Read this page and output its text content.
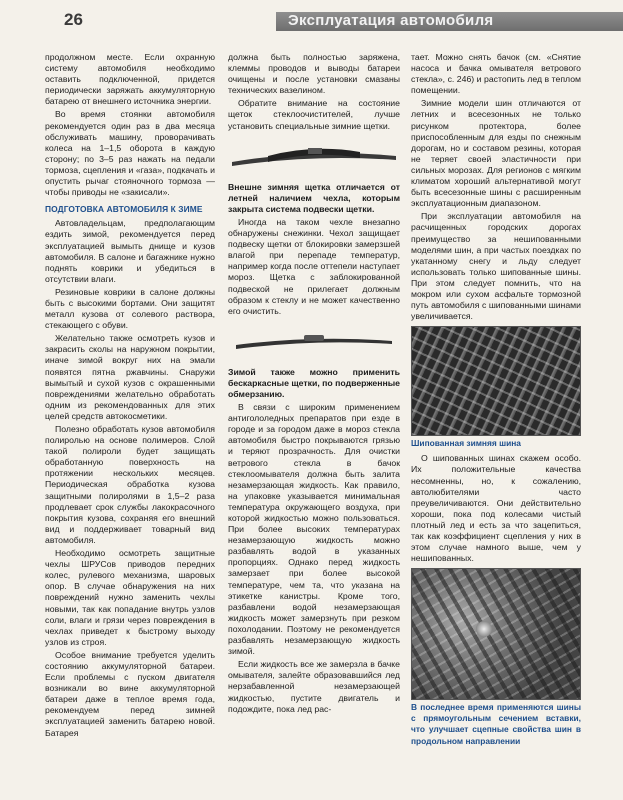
26	Эксплуатация автомобиля

продолжном месте. Если охранную систему автомобиля необходимо оставить подключенной, придется периодически заряжать аккумуляторную батарею от внешнего источника энергии.

Во время стоянки автомобиля рекомендуется один раз в два месяца обслуживать машину, проворачивать колеса на 1–1,5 оборота в каждую сторону; по 3–5 раз нажать на педали тормоза, сцепления и «газа», подкачать и опустить рычаг стояночного тормоза — чтобы приводы не «закисали».

ПОДГОТОВКА АВТОМОБИЛЯ К ЗИМЕ

Автовладельцам, предполагающим ездить зимой, рекомендуется перед эксплуатацией вымыть днище и кузов автомобиля. В салоне и багажнике нужно поднять коврики и убедиться в отсутствии влаги.

Резиновые коврики в салоне должны быть с высокими бортами. Они защитят металл кузова от солевого раствора, стекающего с обуви.

Желательно также осмотреть кузов и закрасить сколы на наружном покрытии, иначе зимой вокруг них на эмали появятся пятна ржавчины. Снаружи вымытый и сухой кузов с окрашенными повреждениями желательно обработать одним из рекомендованных для этих целей средств автокосметики.

Полезно обработать кузов автомобиля полиролью на основе полимеров. Слой такой полироли будет защищать обработанную поверхность на протяжении нескольких месяцев. Периодическая обработка кузова защитными полиролями в 1,5–2 раза продлевает срок службы лакокрасочного покрытия кузова, сохраняя его внешний вид и поддерживает товарный вид автомобиля.

Необходимо осмотреть защитные чехлы ШРУСов приводов передних колес, рулевого механизма, шаровых опор. В случае обнаружения на них повреждений нужно заменить чехлы новыми, так как попадание внутрь узлов соли, влаги и грязи через повреждения в чехлах приведет к быстрому выходу узлов из строя.

Особое внимание требуется уделить состоянию аккумуляторной батареи. Если проблемы с пуском двигателя возникали во вине аккумуляторной батареи даже в теплое время года, рекомендуем перед зимней эксплуатацией заменить батарею новой. Батарея

должна быть полностью заряжена, клеммы проводов и выводы батареи очищены и после установки смазаны технических вазелином.

Обратите внимание на состояние щеток стеклоочистителей, лучше установить специальные зимние щетки.

Внешне зимняя щетка отличается от летней наличием чехла, которым закрыта система подвески щетки.

Иногда на таком чехле внезапно обнаружены снежинки. Чехол защищает подвеску щетки от блокировки замерзшей влагой при перепаде температур, например когда после оттепели наступает мороз. Щетка с заблокированной подвеской не прилегает должным образом к стеклу и не может качественно его очистить.

Зимой также можно применить бескаркасные щетки, по подверженные обмерзанию.

В связи с широким применением антигололедных препаратов при езде в городе и за городом даже в мороз стекла автомобиля быстро покрываются грязью и теряют прозрачность. Для очистки ветрового стекла в бачок стеклоомывателя должна быть залита незамерзающая жидкость. Как правило, на упаковке указывается минимальная температура окружающего воздуха, при которой жидкостью можно пользоваться. При более высоких температурах незамерзающую жидкость можно разбавлять водой в указанных пропорциях. Однако перед жидкость замерзает при более высокой температуре, чем та, что указана на этикетке канистры. Кроме того, разбавлени водой незамерзающая жидкость может замерзнуть при резком похолодании. Поэтому не рекомендуется разбавлять незамерзающую жидкость зимой.

Если жидкость все же замерзла в бачке омывателя, залейте образовавшийся лед нерзабавленной незамерзающей жидкостью, пустите двигатель и подождите, пока лед рас-

тает. Можно снять бачок (см. «Снятие насоса и бачка омывателя ветрового стекла», с. 246) и растопить лед в теплом помещении.

Зимние модели шин отличаются от летних и всесезонных не только рисунком протектора, более приспособленным для езды по снежным дорогам, но и составом резины, которая не теряет своей эластичности при сильных морозах. Для регионов с мягким климатом хороший альтернативой могут быть всесезонные шины с расширенным эксплуатационным диапазоном.

При эксплуатации автомобиля на расчищенных городских дорогах преимущество за нешипованными моделями шин, а при частых поездках по укатанному снегу и льду следует использовать только шипованные шины. При этом следует помнить, что на мокром или сухом асфальте тормозной путь автомобиля с шипованными шинами увеличивается.

Шипованная зимняя шина

О шипованных шинах скажем особо. Их положительные качества несомненны, но, к сожалению, автолюбителями часто преувеличиваются. Они действительно хороши, пока под колесами чистый плотный лед и есть за что зацепиться, так как коэффициент сцепления у них в этом случае намного выше, чем у нешипованных.

В последнее время применяются шины с прямоугольным сечением вставки, что улучшает сцепные свойства шин в продольном направлении
